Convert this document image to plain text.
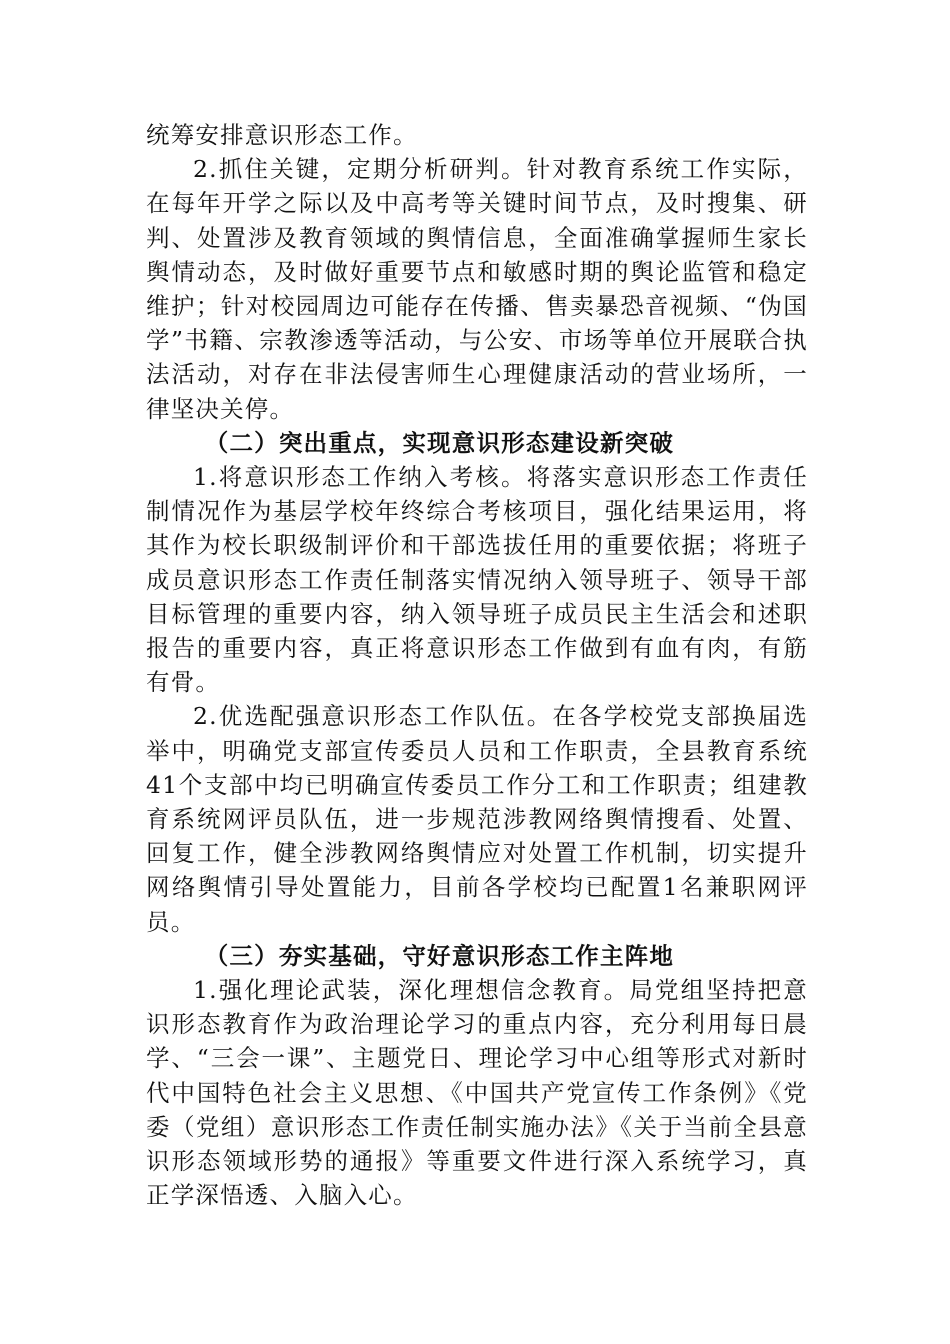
统筹安排意识形态工作。

2.抓住关键，定期分析研判。针对教育系统工作实际，在每年开学之际以及中高考等关键时间节点，及时搜集、研判、处置涉及教育领域的舆情信息，全面准确掌握师生家长舆情动态，及时做好重要节点和敏感时期的舆论监管和稳定维护；针对校园周边可能存在传播、售卖暴恐音视频、“伪国学”书籍、宗教渗透等活动，与公安、市场等单位开展联合执法活动，对存在非法侵害师生心理健康活动的营业场所，一律坚决关停。

（二）突出重点，实现意识形态建设新突破

1.将意识形态工作纳入考核。将落实意识形态工作责任制情况作为基层学校年终综合考核项目，强化结果运用，将其作为校长职级制评价和干部选拔任用的重要依据；将班子成员意识形态工作责任制落实情况纳入领导班子、领导干部目标管理的重要内容，纳入领导班子成员民主生活会和述职报告的重要内容，真正将意识形态工作做到有血有肉，有筋有骨。

2.优选配强意识形态工作队伍。在各学校党支部换届选举中，明确党支部宣传委员人员和工作职责，全县教育系统41个支部中均已明确宣传委员工作分工和工作职责；组建教育系统网评员队伍，进一步规范涉教网络舆情搜看、处置、回复工作，健全涉教网络舆情应对处置工作机制，切实提升网络舆情引导处置能力，目前各学校均已配置1名兼职网评员。

（三）夯实基础，守好意识形态工作主阵地

1.强化理论武装，深化理想信念教育。局党组坚持把意识形态教育作为政治理论学习的重点内容，充分利用每日晨学、“三会一课”、主题党日、理论学习中心组等形式对新时代中国特色社会主义思想、《中国共产党宣传工作条例》《党委（党组）意识形态工作责任制实施办法》《关于当前全县意识形态领域形势的通报》等重要文件进行深入系统学习，真正学深悟透、入脑入心。
